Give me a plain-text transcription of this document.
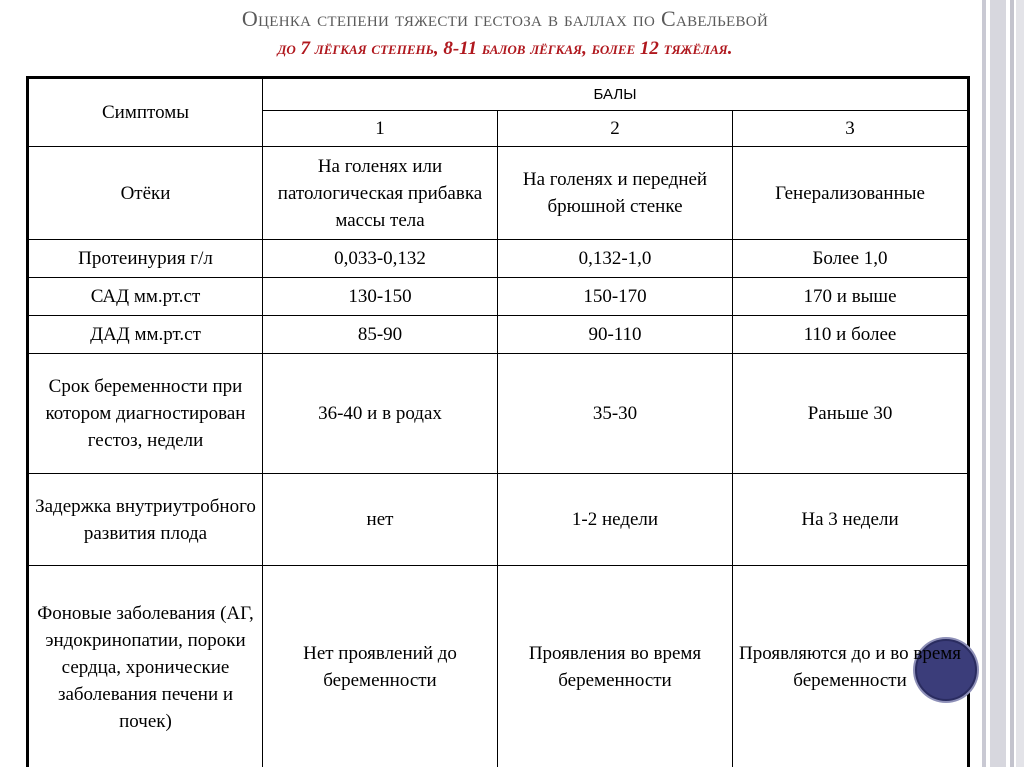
Оценка степени тяжести гестоза в баллах по Савельевой
до 7 лёгкая степень, 8-11 балов лёгкая, более 12 тяжёлая.
Симптомы	БАЛЫ		
	1	2	3
Отёки	На голенях или патологическая прибавка массы тела	На голенях и передней брюшной стенке	Генерализованные
Протеинурия г/л	0,033-0,132	0,132-1,0	Более 1,0
САД мм.рт.ст	130-150	150-170	170 и выше
ДАД мм.рт.ст	85-90	90-110	110 и более
Срок беременности при котором диагностирован гестоз, недели	36-40 и в родах	35-30	Раньше 30
Задержка внутриутробного развития плода	нет	1-2 недели	На 3 недели
Фоновые заболевания (АГ, эндокринопатии, пороки сердца, хронические заболевания печени и почек)	Нет проявлений до беременности	Проявления во время беременности	Проявляются до и во время беременности
